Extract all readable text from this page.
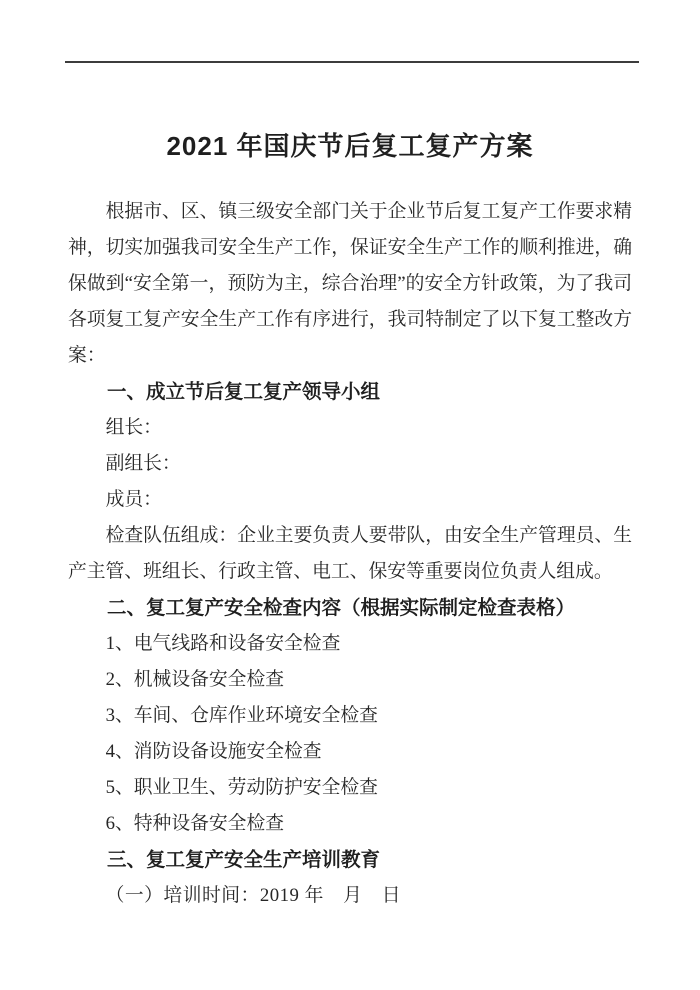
2021 年国庆节后复工复产方案

根据市、区、镇三级安全部门关于企业节后复工复产工作要求精神，切实加强我司安全生产工作，保证安全生产工作的顺利推进，确保做到“安全第一，预防为主，综合治理”的安全方针政策，为了我司各项复工复产安全生产工作有序进行，我司特制定了以下复工整改方案：

一、成立节后复工复产领导小组

组长：

副组长：

成员：

检查队伍组成：企业主要负责人要带队，由安全生产管理员、生产主管、班组长、行政主管、电工、保安等重要岗位负责人组成。

二、复工复产安全检查内容（根据实际制定检查表格）

1、电气线路和设备安全检查

2、机械设备安全检查

3、车间、仓库作业环境安全检查

4、消防设备设施安全检查

5、职业卫生、劳动防护安全检查

6、特种设备安全检查

三、复工复产安全生产培训教育

（一）培训时间：2019 年　月　日
